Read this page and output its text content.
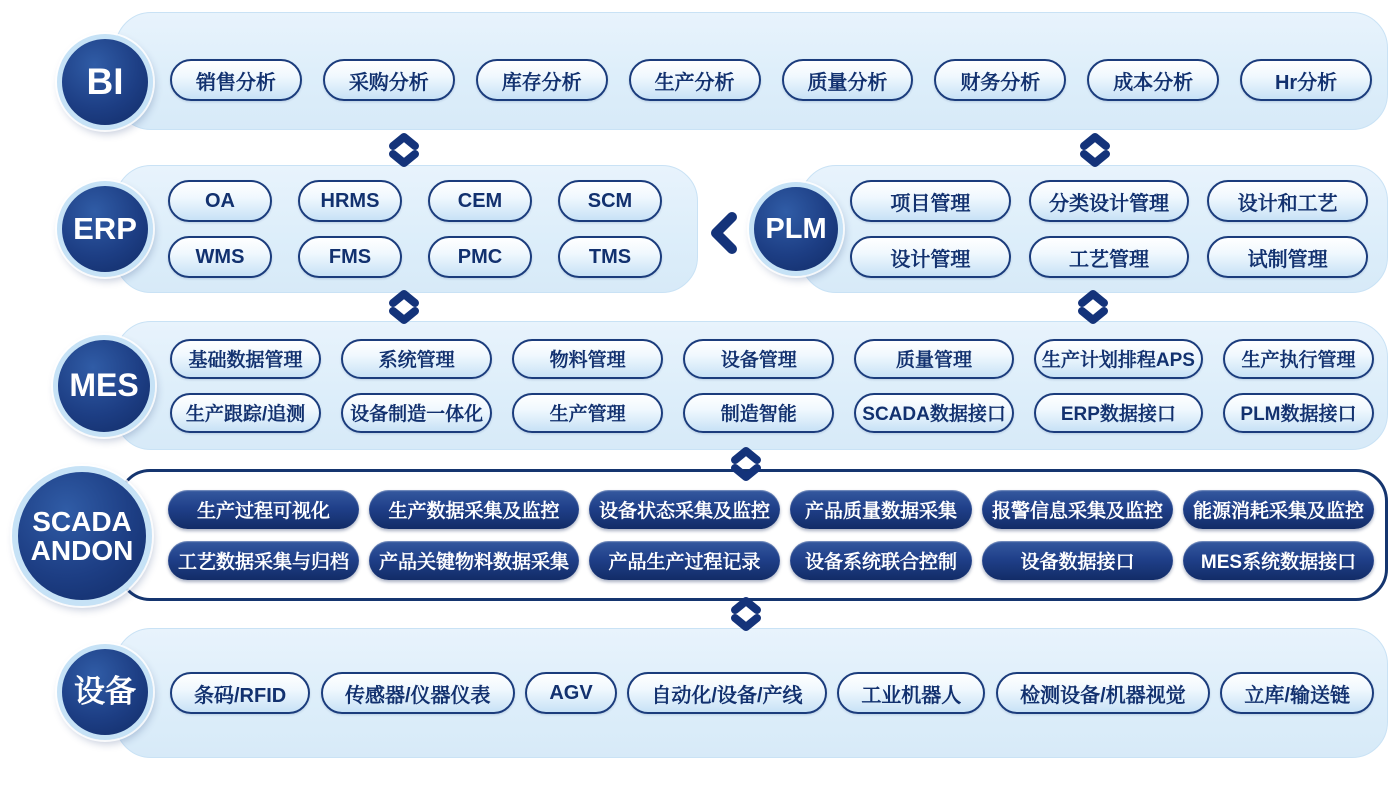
销售分析	采购分析	库存分析	生产分析	质量分析	财务分析	成本分析	Hr分析
BI
OA	HRMS	CEM	SCM
WMS	FMS	PMC	TMS
ERP
项目管理	分类设计管理	设计和工艺
设计管理	工艺管理	试制管理
PLM
基础数据管理	系统管理	物料管理	设备管理	质量管理	生产计划排程APS	生产执行管理
生产跟踪/追测	设备制造一体化	生产管理	制造智能	SCADA数据接口	ERP数据接口	PLM数据接口
MES
生产过程可视化	生产数据采集及监控	设备状态采集及监控	产品质量数据采集	报警信息采集及监控	能源消耗采集及监控
工艺数据采集与归档	产品关键物料数据采集	产品生产过程记录	设备系统联合控制	设备数据接口	MES系统数据接口
SCADA
ANDON
条码/RFID	传感器/仪器仪表	AGV	自动化/设备/产线	工业机器人	检测设备/机器视觉	立库/输送链
设备
